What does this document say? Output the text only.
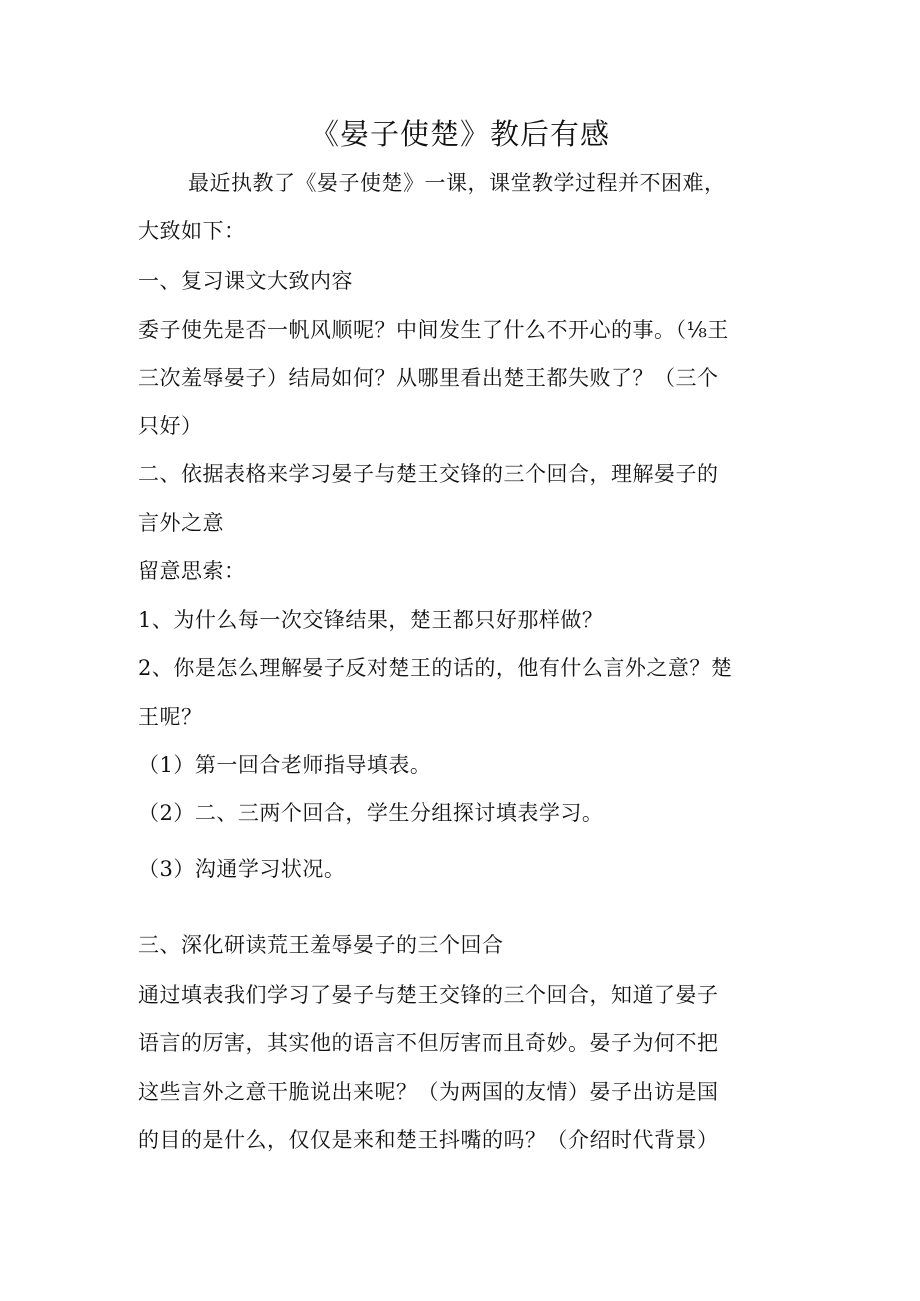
《晏子使楚》教后有感
最近执教了《晏子使楚》一课，课堂教学过程并不困难，
大致如下：
一、复习课文大致内容
委子使先是否一帆风顺呢？中间发生了什么不开心的事。（⅛王
三次羞辱晏子）结局如何？从哪里看出楚王都失败了？（三个
只好）
二、依据表格来学习晏子与楚王交锋的三个回合，理解晏子的
言外之意
留意思索：
1、为什么每一次交锋结果，楚王都只好那样做？
2、你是怎么理解晏子反对楚王的话的，他有什么言外之意？楚
王呢？
（1）第一回合老师指导填表。
（2）二、三两个回合，学生分组探讨填表学习。
（3）沟通学习状况。
三、深化研读荒王羞辱晏子的三个回合
通过填表我们学习了晏子与楚王交锋的三个回合，知道了晏子
语言的厉害，其实他的语言不但厉害而且奇妙。晏子为何不把
这些言外之意干脆说出来呢？（为两国的友情）晏子出访是国
的目的是什么，仅仅是来和楚王抖嘴的吗？（介绍时代背景）
